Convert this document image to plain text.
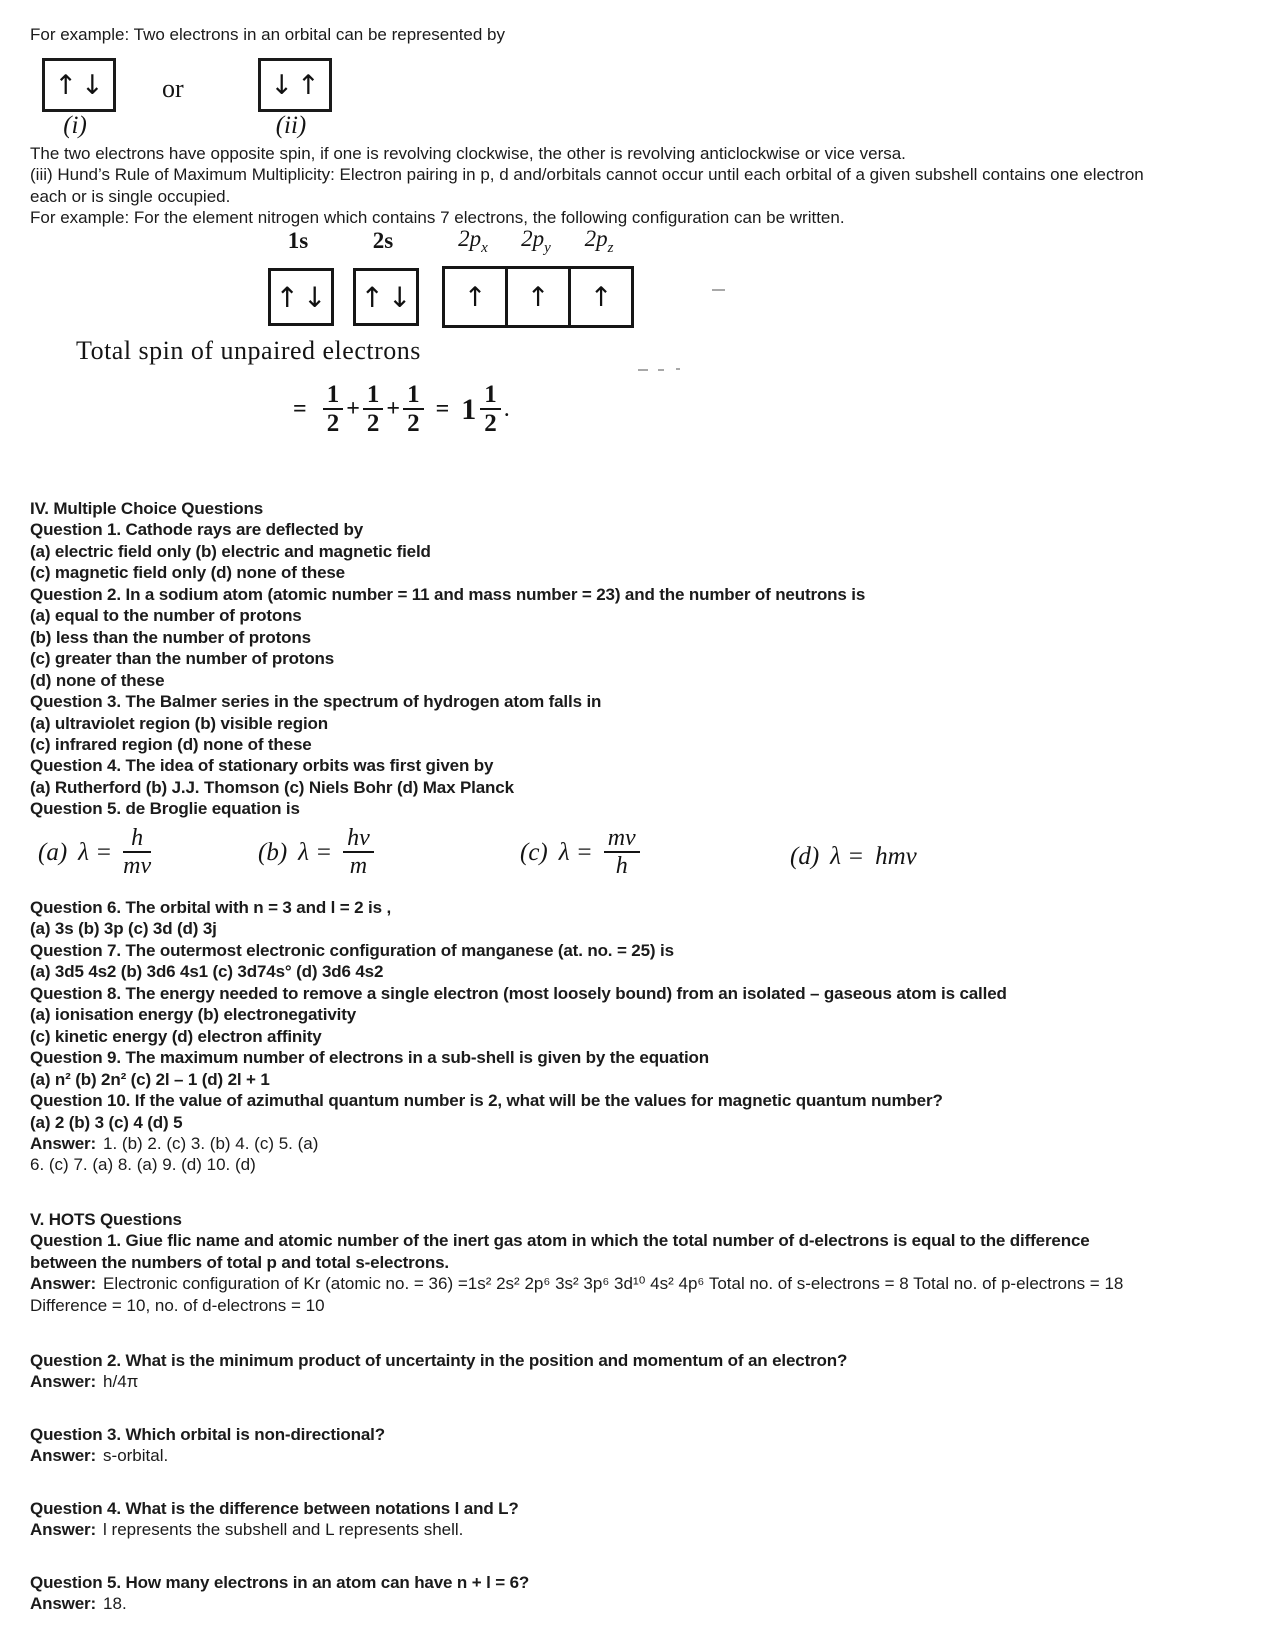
For example: Two electrons in an orbital can be represented by
↑↓ or	↓↑
(i)	(ii)
The two electrons have opposite spin, if one is revolving clockwise, the other is revolving anticlockwise or vice versa.
(iii) Hund’s Rule of Maximum Multiplicity: Electron pairing in p, d and/orbitals cannot occur until each orbital of a given subshell contains one electron
each or is single occupied.
For example: For the element nitrogen which contains 7 electrons, the following configuration can be written.
1s	2s	$2p_x$	$2p_y$	$2p_z$
↑↓ ↑↓ ↑ ↑ ↑
Total spin of unpaired electrons
= $\frac{1}{2} + \frac{1}{2} + \frac{1}{2} = 1 \frac{1}{2}$ .
IV. Multiple Choice Questions
Question 1. Cathode rays are deflected by
(a) electric field only (b) electric and magnetic field
(c) magnetic field only (d) none of these
Question 2. In a sodium atom (atomic number = 11 and mass number = 23) and the number of neutrons is
(a) equal to the number of protons
(b) less than the number of protons
(c) greater than the number of protons
(d) none of these
Question 3. The Balmer series in the spectrum of hydrogen atom falls in
(a) ultraviolet region (b) visible region
(c) infrared region (d) none of these
Question 4. The idea of stationary orbits was first given by
(a) Rutherford (b) J.J. Thomson (c) Niels Bohr (d) Max Planck
Question 5. de Broglie equation is
(a) $\lambda = \frac{h}{mv}$	(b) $\lambda = \frac{hv}{m}$	(c) $\lambda = \frac{mv}{h}$	(d) λ = hmv
Question 6. The orbital with n = 3 and l = 2 is ,
(a) 3s (b) 3p (c) 3d (d) 3j
Question 7. The outermost electronic configuration of manganese (at. no. = 25) is
(a) 3d5 4s2 (b) 3d6 4s1 (c) 3d74s° (d) 3d6 4s2
Question 8. The energy needed to remove a single electron (most loosely bound) from an isolated – gaseous atom is called
(a) ionisation energy (b) electronegativity
(c) kinetic energy (d) electron affinity
Question 9. The maximum number of electrons in a sub-shell is given by the equation
(a) n² (b) 2n² (c) 2l – 1 (d) 2l + 1
Question 10. If the value of azimuthal quantum number is 2, what will be the values for magnetic quantum number?
(a) 2 (b) 3 (c) 4 (d) 5
Answer: 1. (b) 2. (c) 3. (b) 4. (c) 5. (a)
6. (c) 7. (a) 8. (a) 9. (d) 10. (d)
V. HOTS Questions
Question 1. Giue flic name and atomic number of the inert gas atom in which the total number of d-electrons is equal to the difference
between the numbers of total p and total s-electrons.
Answer: Electronic configuration of Kr (atomic no. = 36) =1s² 2s² 2p⁶ 3s² 3p⁶ 3d¹⁰ 4s² 4p⁶ Total no. of s-electrons = 8 Total no. of p-electrons = 18
Difference = 10, no. of d-electrons = 10
Question 2. What is the minimum product of uncertainty in the position and momentum of an electron?
Answer: h/4π
Question 3. Which orbital is non-directional?
Answer: s-orbital.
Question 4. What is the difference between notations l and L?
Answer: l represents the subshell and L represents shell.
Question 5. How many electrons in an atom can have n + l = 6?
Answer: 18.
